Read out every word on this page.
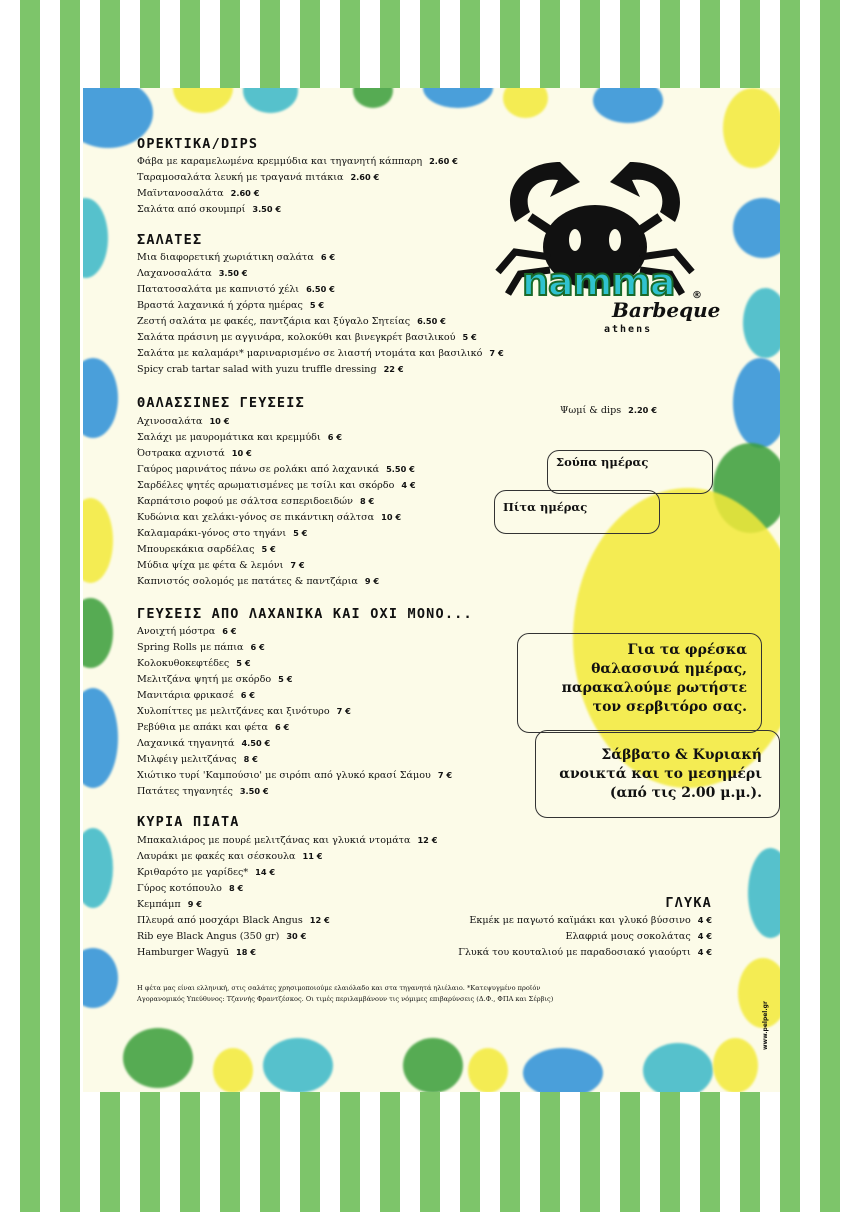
ΟΡΕΚΤΙΚΑ/DIPS
Φάβα με καραμελωμένα κρεμμύδια και τηγανητή κάππαρη 2.60 €
Ταραμοσαλάτα λευκή με τραγανά πιτάκια 2.60 €
Μαϊντανοσαλάτα 2.60 €
Σαλάτα από σκουμπρί 3.50 €
ΣΑΛΑΤΕΣ
Μια διαφορετική χωριάτικη σαλάτα 6 €
Λαχανοσαλάτα 3.50 €
Πατατοσαλάτα με καπνιστό χέλι 6.50 €
Βραστά λαχανικά ή χόρτα ημέρας 5 €
Ζεστή σαλάτα με φακές, παντζάρια και ξύγαλο Σητείας 6.50 €
Σαλάτα πράσινη με αγγινάρα, κολοκύθι και βινεγκρέτ βασιλικού 5 €
Σαλάτα με καλαμάρι* μαριναρισμένο σε λιαστή ντομάτα και βασιλικό 7 €
Spicy crab tartar salad with yuzu truffle dressing 22 €
ΘΑΛΑΣΣΙΝΕΣ ΓΕΥΣΕΙΣ
Αχινοσαλάτα 10 €
Σαλάχι με μαυρομάτικα και κρεμμύδι 6 €
Όστρακα αχνιστά 10 €
Γαύρος μαρινάτος πάνω σε ρολάκι από λαχανικά 5.50 €
Σαρδέλες ψητές αρωματισμένες με τσίλι και σκόρδο 4 €
Καρπάτσιο ροφού με σάλτσα εσπεριδοειδών 8 €
Κυδώνια και χελάκι-γόνος σε πικάντικη σάλτσα 10 €
Καλαμαράκι-γόνος στο τηγάνι 5 €
Μπουρεκάκια σαρδέλας 5 €
Μύδια ψίχα με φέτα & λεμόνι 7 €
Καπνιστός σολομός με πατάτες & παντζάρια 9 €
ΓΕΥΣΕΙΣ ΑΠΟ ΛΑΧΑΝΙΚΑ ΚΑΙ ΟΧΙ ΜΟΝΟ...
Ανοιχτή μόστρα 6 €
Spring Rolls με πάπια 6 €
Κολοκυθοκεφτέδες 5 €
Μελιτζάνα ψητή με σκόρδο 5 €
Μανιτάρια φρικασέ 6 €
Χυλοπίττες με μελιτζάνες και ξινότυρο 7 €
Ρεβύθια με απάκι και φέτα 6 €
Λαχανικά τηγανητά 4.50 €
Μιλφέιγ μελιτζάνας 8 €
Χιώτικο τυρί 'Καμπούσιο' με σιρόπι από γλυκό κρασί Σάμου 7 €
Πατάτες τηγανητές 3.50 €
ΚΥΡΙΑ ΠΙΑΤΑ
Μπακαλιάρος με πουρέ μελιτζάνας και γλυκιά ντομάτα 12 €
Λαυράκι με φακές και σέσκουλα 11 €
Κριθαρότο με γαρίδες* 14 €
Γύρος κοτόπουλο 8 €
Κεμπάμπ 9 €
Πλευρά από μοσχάρι Black Angus 12 €
Rib eye Black Angus (350 gr) 30 €
Hamburger Wagyū 18 €
namma ®
Barbeque
athens
Ψωμί & dips 2.20 €
Σούπα ημέρας
Πίτα ημέρας
Για τα φρέσκα
θαλασσινά ημέρας,
παρακαλούμε ρωτήστε
τον σερβιτόρο σας.
Σάββατο & Κυριακή
ανοικτά και το μεσημέρι
(από τις 2.00 μ.μ.).
ΓΛΥΚΑ
Εκμέκ με παγωτό καϊμάκι και γλυκό βύσσινο 4 €
Ελαφριά μους σοκολάτας 4 €
Γλυκά του κουταλιού με παραδοσιακό γιαούρτι 4 €
Η φέτα μας είναι ελληνική, στις σαλάτες χρησιμοποιούμε ελαιόλαδο και στα τηγανητά ηλιέλαιο. *Κατεψυγμένο προϊόν
Αγορανομικός Υπεύθυνος: Τζαννής Φραντζέσκος. Οι τιμές περιλαμβάνουν τις νόμιμες επιβαρύνσεις (Δ.Φ., ΦΠΑ και Σέρβις)
www.pelpel.gr
